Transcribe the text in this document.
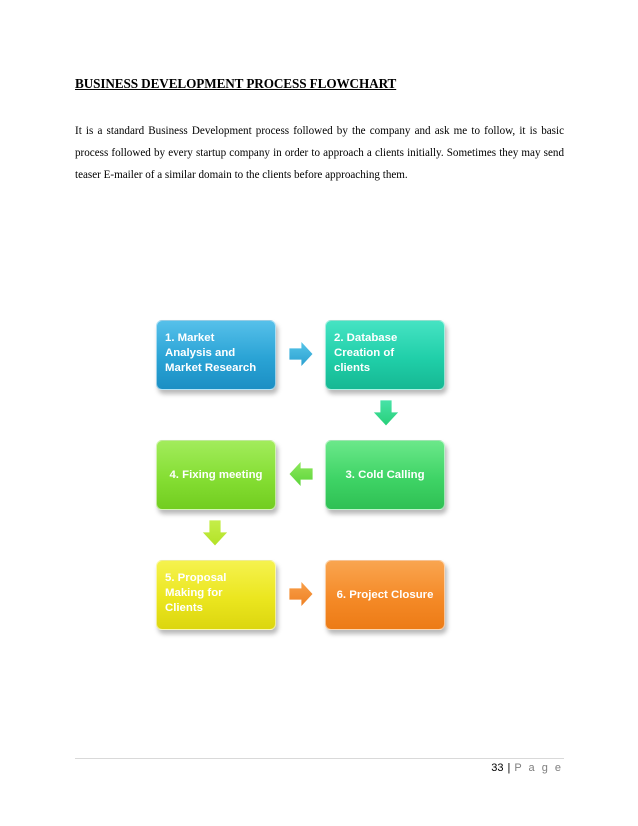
BUSINESS DEVELOPMENT PROCESS FLOWCHART
It is a standard Business Development process followed by the company and ask me to follow, it is basic process followed by every startup company in order to approach a clients initially. Sometimes they may send teaser E-mailer of a similar domain to the clients before approaching them.
1. Market
Analysis and
Market Research
2. Database
Creation of
clients
3. Cold Calling
4. Fixing meeting
5. Proposal
Making for
Clients
6. Project Closure
33 | P a g e
